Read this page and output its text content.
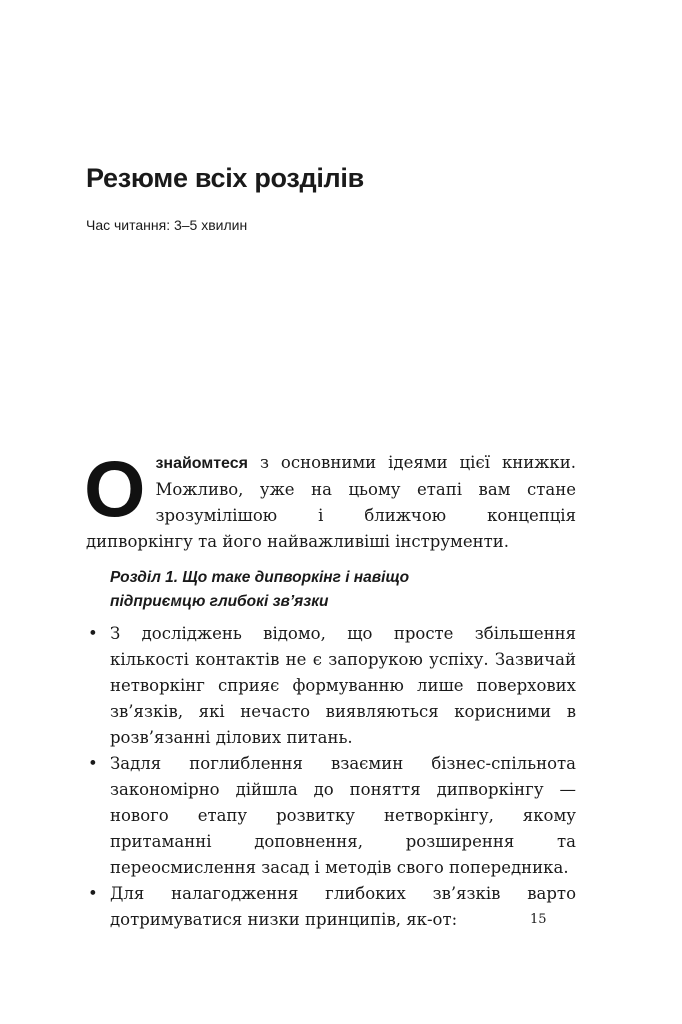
Резюме всіх розділів

Час читання: 3–5 хвилин

Ознайомтеся з основними ідеями цієї книжки. Можливо, уже на цьому етапі вам стане зрозумілішою і ближчою концепція дипворкінгу та його найважливіші інструменти.

Розділ 1. Що таке дипворкінг і навіщо
підприємцю глибокі зв’язки
• З досліджень відомо, що просте збільшення кількості контактів не є запорукою успіху. Зазвичай нетворкінг сприяє формуванню лише поверхових зв’язків, які нечасто виявляються корисними в розв’язанні ділових питань.
• Задля поглиблення взаємин бізнес-спільнота закономірно дійшла до поняття дипворкінгу — нового етапу розвитку нетворкінгу, якому притаманні доповнення, розширення та переосмислення засад і методів свого попередника.
• Для налагодження глибоких зв’язків варто дотримуватися низки принципів, як-от:	15
